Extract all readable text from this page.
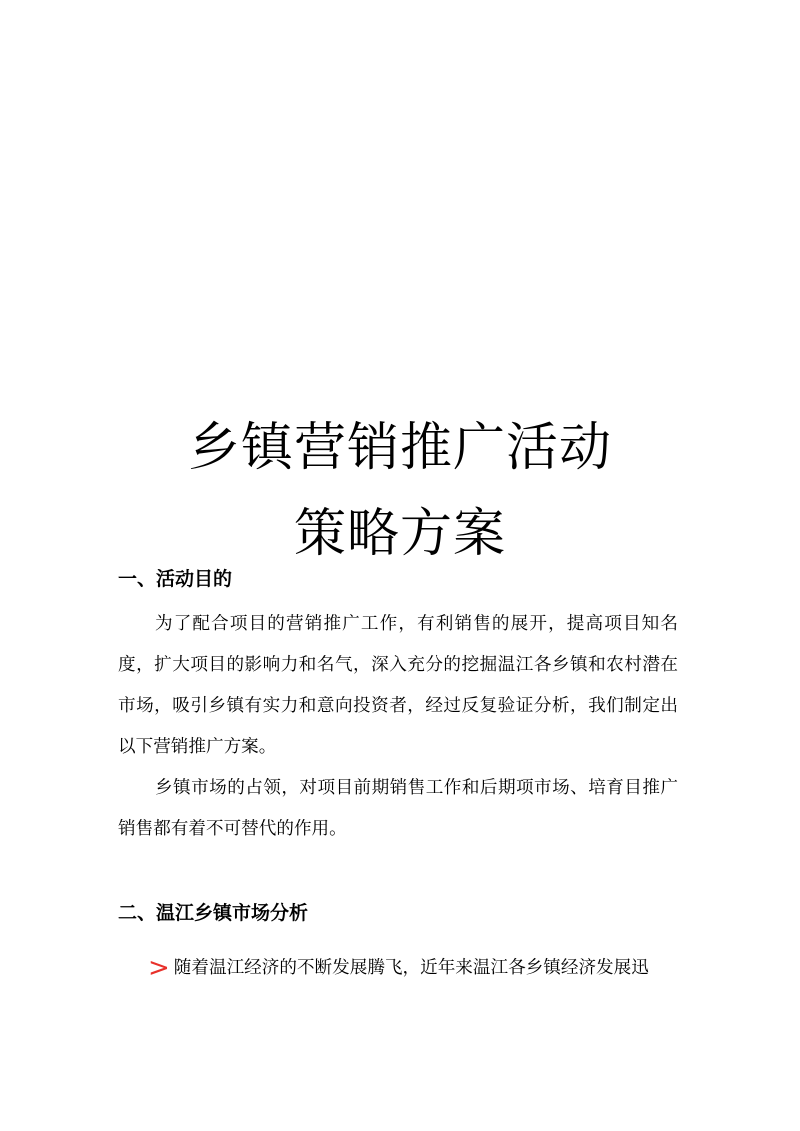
乡镇营销推广活动
策略方案
一、活动目的

为了配合项目的营销推广工作，有利销售的展开，提高项目知名度，扩大项目的影响力和名气，深入充分的挖掘温江各乡镇和农村潜在市场，吸引乡镇有实力和意向投资者，经过反复验证分析，我们制定出以下营销推广方案。

乡镇市场的占领，对项目前期销售工作和后期项市场、培育目推广销售都有着不可替代的作用。

二、温江乡镇市场分析
> 随着温江经济的不断发展腾飞，近年来温江各乡镇经济发展迅
